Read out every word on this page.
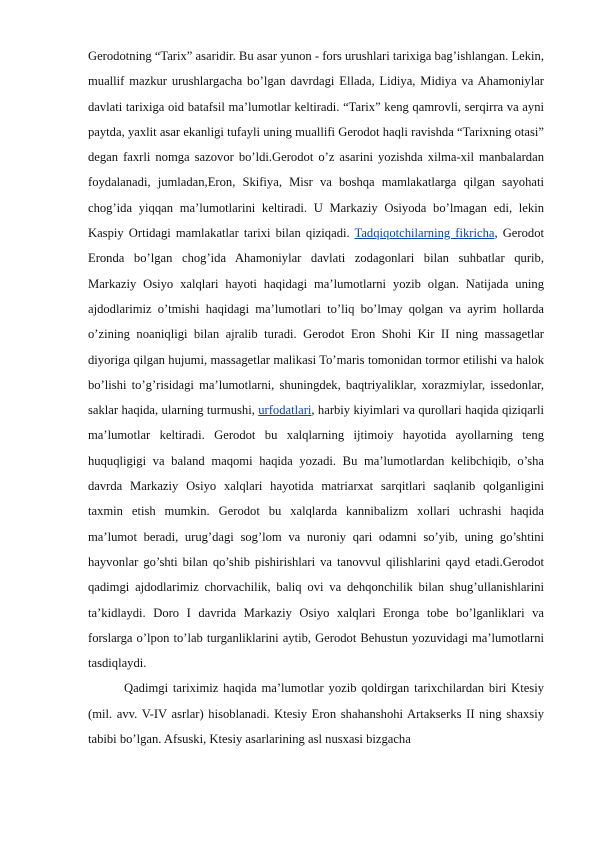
Gerodotning “Tarix” asaridir. Bu asar yunon - fors urushlari tarixiga bag’ishlangan. Lekin, muallif mazkur urushlargacha bo’lgan davrdagi Ellada, Lidiya, Midiya va Ahamoniylar davlati tarixiga oid batafsil ma’lumotlar keltiradi. “Tarix” keng qamrovli, serqirra va ayni paytda, yaxlit asar ekanligi tufayli uning muallifi Gerodot haqli ravishda “Tarixning otasi” degan faxrli nomga sazovor bo’ldi.Gerodot o’z asarini yozishda xilma-xil manbalardan foydalanadi, jumladan,Eron, Skifiya, Misr va boshqa mamlakatlarga qilgan sayohati chog’ida yiqqan ma’lumotlarini keltiradi. U Markaziy Osiyoda bo’lmagan edi, lekin Kaspiy Ortidagi mamlakatlar tarixi bilan qiziqadi. Tadqiqotchilarning fikricha, Gerodot Eronda bo’lgan chog’ida Ahamoniylar davlati zodagonlari bilan suhbatlar qurib, Markaziy Osiyo xalqlari hayoti haqidagi ma’lumotlarni yozib olgan. Natijada uning ajdodlarimiz o’tmishi haqidagi ma’lumotlari to’liq bo’lmay qolgan va ayrim hollarda o’zining noaniqligi bilan ajralib turadi. Gerodot Eron Shohi Kir II ning massagetlar diyoriga qilgan hujumi, massagetlar malikasi To’maris tomonidan tormor etilishi va halok bo’lishi to’g’risidagi ma’lumotlarni, shuningdek, baqtriyaliklar, xorazmiylar, issedonlar, saklar haqida, ularning turmushi, urfodatlari, harbiy kiyimlari va qurollari haqida qiziqarli ma’lumotlar keltiradi. Gerodot bu xalqlarning ijtimoiy hayotida ayollarning teng huquqligigi va baland maqomi haqida yozadi. Bu ma’lumotlardan kelibchiqib, o’sha davrda Markaziy Osiyo xalqlari hayotida matriarxat sarqitlari saqlanib qolganligini taxmin etish mumkin. Gerodot bu xalqlarda kannibalizm xollari uchrashi haqida ma’lumot beradi, urug’dagi sog’lom va nuroniy qari odamni so’yib, uning go’shtini hayvonlar go’shti bilan qo’shib pishirishlari va tanovvul qilishlarini qayd etadi.Gerodot qadimgi ajdodlarimiz chorvachilik, baliq ovi va dehqonchilik bilan shug’ullanishlarini ta’kidlaydi. Doro I davrida Markaziy Osiyo xalqlari Eronga tobe bo’lganliklari va forslarga o’lpon to’lab turganliklarini aytib, Gerodot Behustun yozuvidagi ma’lumotlarni tasdiqlaydi.

Qadimgi tariximiz haqida ma’lumotlar yozib qoldirgan tarixchilardan biri Ktesiy (mil. avv. V-IV asrlar) hisoblanadi. Ktesiy Eron shahanshohi Artakserks II ning shaxsiy tabibi bo’lgan. Afsuski, Ktesiy asarlarining asl nusxasi bizgacha
